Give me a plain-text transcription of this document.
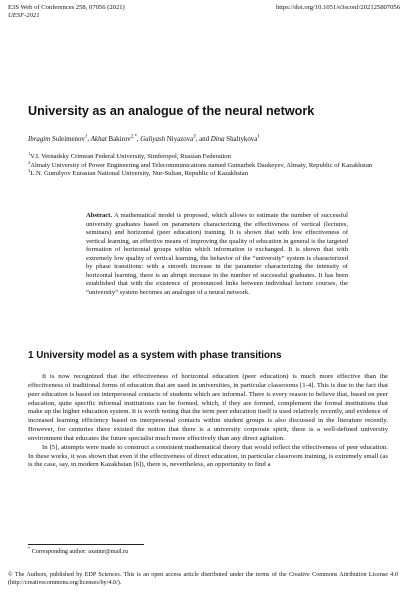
E3S Web of Conferences 258, 07056 (2021)
UESF-2021
https://doi.org/10.1051/e3sconf/202125807056
University as an analogue of the neural network
Ibragim Suleimenov$^1$, Akhat Bakirov$^{2,*}$, Guliyash Niyazova$^3$, and Dina Shaltykova$^1$

$^1$V.I. Vernadsky Crimean Federal University, Simferopol, Russian Federation

$^2$Almaty University of Power Engineering and Telecommunications named Gumarbek Daukeyev, Almaty, Republic of Kazakhstan

$^3$L.N. Gumilyov Eurasian National University, Nur-Sultan, Republic of Kazakhstan

Abstract. A mathematical model is proposed, which allows to estimate the number of successful university graduates based on parameters characterizing the effectiveness of vertical (lectures, seminars) and horizontal (peer education) training. It is shown that with low effectiveness of vertical learning, an effective means of improving the quality of education in general is the targeted formation of horizontal groups within which information is exchanged. It is shown that with extremely low quality of vertical learning, the behavior of the “university” system is characterized by phase transitions: with a smooth increase in the parameter characterizing the intensity of horizontal learning, there is an abrupt increase in the number of successful graduates. It has been established that with the existence of pronounced links between individual lecture courses, the “university” system becomes an analogue of a neural network.

1 University model as a system with phase transitions

It is now recognized that the effectiveness of horizontal education (peer education) is much more effective than the effectiveness of traditional forms of education that are used in universities, in particular classrooms [1-4]. This is due to the fact that peer education is based on interpersonal contacts of students which are informal. There is every reason to believe that, based on peer education, quite specific informal institutions can be formed, which, if they are formed, complement the formal institutions that make up the higher education system. It is worth noting that the term peer education itself is used relatively recently, and evidence of increased learning efficiency based on interpersonal contacts within student groups is also discussed in the literature recently. However, for centuries there existed the notion that there is a university corporate spirit, there is a well-defined university environment that educates the future specialist much more effectively than any direct agitation.

In [5], attempts were made to construct a consistent mathematical theory that would reflect the effectiveness of peer education. In these works, it was shown that even if the effectiveness of direct education, in particular classroom training, is extremely small (as is the case, say, in modern Kazakhstan [6]), there is, nevertheless, an opportunity to find a

* Corresponding author: axatmr@mail.ru
© The Authors, published by EDP Sciences. This is an open access article distributed under the terms of the Creative Commons Attribution License 4.0 (http://creativecommons.org/licenses/by/4.0/).
